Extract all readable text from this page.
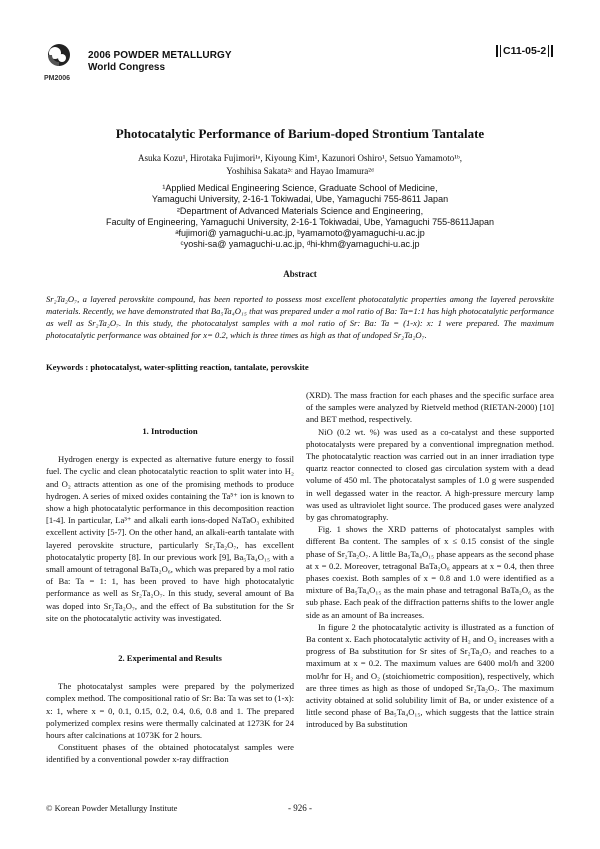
2006 POWDER METALLURGY
World Congress
PM2006
C11-05-2
Photocatalytic Performance of Barium-doped Strontium Tantalate
Asuka Kozu¹, Hirotaka Fujimori¹ᵃ, Kiyoung Kim¹, Kazunori Oshiro¹, Setsuo Yamamoto¹ᵇ,
Yoshihisa Sakata²ᶜ and Hayao Imamura²ᵈ
¹Applied Medical Engineering Science, Graduate School of Medicine,
Yamaguchi University, 2-16-1 Tokiwadai, Ube, Yamaguchi 755-8611 Japan
²Department of Advanced Materials Science and Engineering,
Faculty of Engineering, Yamaguchi University, 2-16-1 Tokiwadai, Ube, Yamaguchi 755-8611Japan
ᵃfujimori@ yamaguchi-u.ac.jp, ᵇyamamoto@yamaguchi-u.ac.jp
ᶜyoshi-sa@ yamaguchi-u.ac.jp, ᵈhi-khm@yamaguchi-u.ac.jp
Abstract
Sr₂Ta₂O₇, a layered perovskite compound, has been reported to possess most excellent photocatalytic properties among the layered perovskite materials. Recently, we have demonstrated that Ba₅Ta₄O₁₅ that was prepared under a mol ratio of Ba: Ta=1:1 has high photocatalytic performance as well as Sr₂Ta₂O₇. In this study, the photocatalyst samples with a mol ratio of Sr: Ba: Ta = (1-x): x: 1 were prepared. The maximum photocatalytic performance was obtained for x= 0.2, which is three times as high as that of undoped Sr₂Ta₂O₇.
Keywords : photocatalyst, water-splitting reaction, tantalate, perovskite
1. Introduction

Hydrogen energy is expected as alternative future energy to fossil fuel. The cyclic and clean photocatalytic reaction to split water into H₂ and O₂ attracts attention as one of the promising methods to produce hydrogen. A series of mixed oxides containing the Ta⁵⁺ ion is known to show a high photocatalytic performance in this decomposition reaction [1-4]. In particular, La³⁺ and alkali earth ions-doped NaTaO₃ exhibited excellent activity [5-7]. On the other hand, an alkali-earth tantalate with layered perovskite structure, particularly Sr₂Ta₂O₇, has excellent photocatalytic property [8]. In our previous work [9], Ba₅Ta₄O₁₅ with a small amount of tetragonal BaTa₂O₆, which was prepared by a mol ratio of Ba: Ta = 1: 1, has been proved to have high photocatalytic performance as well as Sr₂Ta₂O₇. In this study, several amount of Ba was doped into Sr₂Ta₂O₇, and the effect of Ba substitution for the Sr site on the photocatalytic activity was investigated.

2. Experimental and Results

The photocatalyst samples were prepared by the polymerized complex method. The compositional ratio of Sr: Ba: Ta was set to (1-x): x: 1, where x = 0, 0.1, 0.15, 0.2, 0.4, 0.6, 0.8 and 1. The prepared polymerized complex resins were thermally calcinated at 1273K for 24 hours after calcinations at 1073K for 2 hours.

Constituent phases of the obtained photocatalyst samples were identified by a conventional powder x-ray diffraction

(XRD). The mass fraction for each phases and the specific surface area of the samples were analyzed by Rietveld method (RIETAN-2000) [10] and BET method, respectively.

NiO (0.2 wt. %) was used as a co-catalyst and these supported photocatalysts were prepared by a conventional impregnation method. The photocatalytic reaction was carried out in an inner irradiation type quartz reactor connected to closed gas circulation system with a dead volume of 450 ml. The photocatalyst samples of 1.0 g were suspended in well degassed water in the reactor. A high-pressure mercury lamp was used as ultraviolet light source. The produced gases were analyzed by gas chromatography.

Fig. 1 shows the XRD patterns of photocatalyst samples with different Ba content. The samples of x ≤ 0.15 consist of the single phase of Sr₂Ta₂O₇. A little Ba₅Ta₄O₁₅ phase appears as the second phase at x = 0.2. Moreover, tetragonal BaTa₂O₆ appears at x = 0.4, then three phases coexist. Both samples of x = 0.8 and 1.0 were identified as a mixture of Ba₅Ta₄O₁₅ as the main phase and tetragonal BaTa₂O₆ as the sub phase. Each peak of the diffraction patterns shifts to the lower angle side as an amount of Ba increases.

In figure 2 the photocatalytic activity is illustrated as a function of Ba content x. Each photocatalytic activity of H₂ and O₂ increases with a progress of Ba substitution for Sr sites of Sr₂Ta₂O₇ and reaches to a maximum at x = 0.2. The maximum values are 6400 mol/h and 3200 mol/hr for H₂ and O₂ (stoichiometric composition), respectively, which are three times as high as those of undoped Sr₂Ta₂O₇. The maximum activity obtained at solid solubility limit of Ba, or under existence of a little second phase of Ba₅Ta₄O₁₅, which suggests that the lattice strain introduced by Ba substitution

© Korean Powder Metallurgy Institute	- 926 -
